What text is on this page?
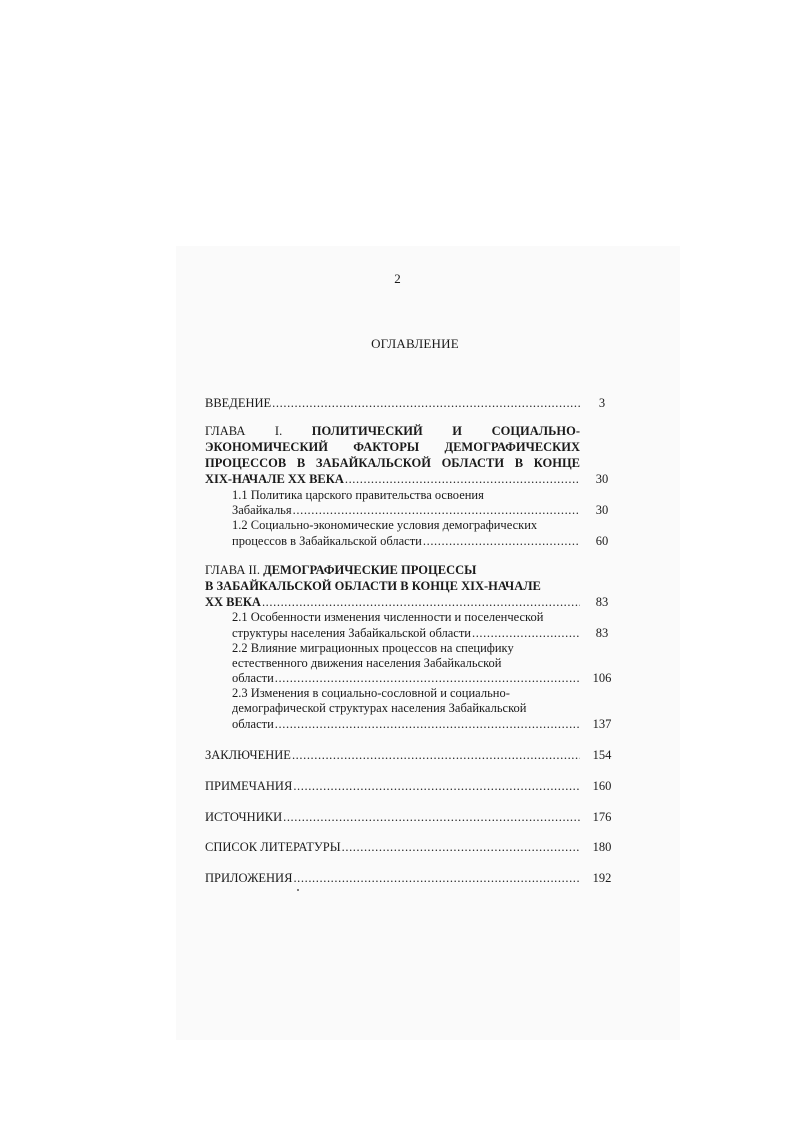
2
ОГЛАВЛЕНИЕ
ВВЕДЕНИЕ .....	3
ГЛАВА I. ПОЛИТИЧЕСКИЙ И СОЦИАЛЬНО-
ЭКОНОМИЧЕСКИЙ ФАКТОРЫ ДЕМОГРАФИЧЕСКИХ
ПРОЦЕССОВ В ЗАБАЙКАЛЬСКОЙ ОБЛАСТИ В КОНЦЕ
XIX-НАЧАЛЕ XX ВЕКА .....	30
1.1 Политика царского правительства освоения
Забайкалья .....	30
1.2 Социально-экономические условия демографических
процессов в Забайкальской области .....	60
ГЛАВА II. ДЕМОГРАФИЧЕСКИЕ ПРОЦЕССЫ
В ЗАБАЙКАЛЬСКОЙ ОБЛАСТИ В КОНЦЕ XIX-НАЧАЛЕ
XX ВЕКА .....	83
2.1 Особенности изменения численности и поселенческой
структуры населения Забайкальской области .....	83
2.2 Влияние миграционных процессов на специфику
естественного движения населения Забайкальской
области .....	106
2.3 Изменения в социально-сословной и социально-
демографической структурах населения Забайкальской
области .....	137
ЗАКЛЮЧЕНИЕ .....	154
ПРИМЕЧАНИЯ .....	160
ИСТОЧНИКИ .....	176
СПИСОК ЛИТЕРАТУРЫ .....	180
ПРИЛОЖЕНИЯ .....	192
